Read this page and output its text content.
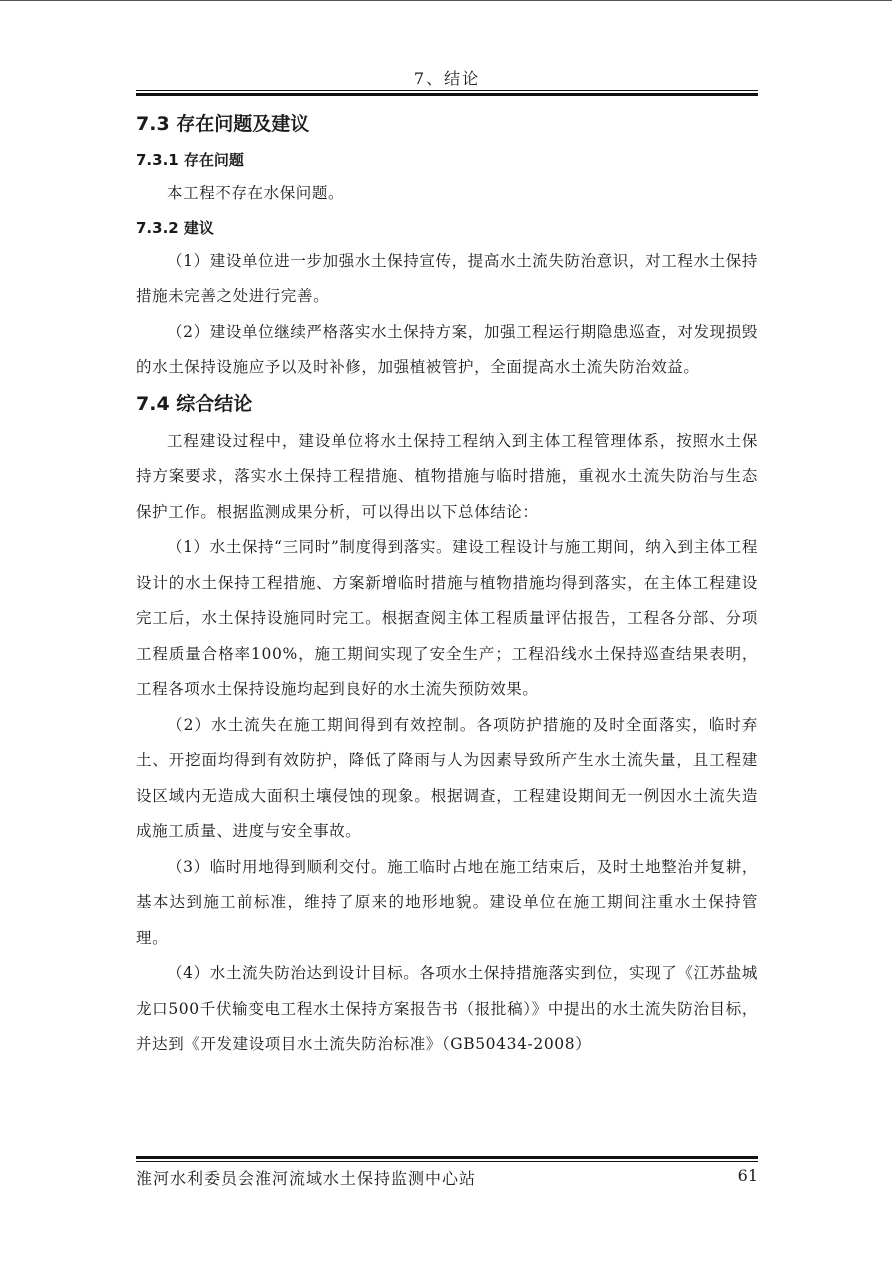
7、结论
7.3 存在问题及建议
7.3.1 存在问题

本工程不存在水保问题。

7.3.2 建议

（1）建设单位进一步加强水土保持宣传，提高水土流失防治意识，对工程水土保持措施未完善之处进行完善。

（2）建设单位继续严格落实水土保持方案，加强工程运行期隐患巡查，对发现损毁的水土保持设施应予以及时补修，加强植被管护，全面提高水土流失防治效益。

7.4 综合结论

工程建设过程中，建设单位将水土保持工程纳入到主体工程管理体系，按照水土保持方案要求，落实水土保持工程措施、植物措施与临时措施，重视水土流失防治与生态保护工作。根据监测成果分析，可以得出以下总体结论：

（1）水土保持“三同时”制度得到落实。建设工程设计与施工期间，纳入到主体工程设计的水土保持工程措施、方案新增临时措施与植物措施均得到落实，在主体工程建设完工后，水土保持设施同时完工。根据查阅主体工程质量评估报告，工程各分部、分项工程质量合格率100%，施工期间实现了安全生产；工程沿线水土保持巡查结果表明，工程各项水土保持设施均起到良好的水土流失预防效果。

（2）水土流失在施工期间得到有效控制。各项防护措施的及时全面落实，临时弃土、开挖面均得到有效防护，降低了降雨与人为因素导致所产生水土流失量，且工程建设区域内无造成大面积土壤侵蚀的现象。根据调查，工程建设期间无一例因水土流失造成施工质量、进度与安全事故。

（3）临时用地得到顺利交付。施工临时占地在施工结束后，及时土地整治并复耕，基本达到施工前标准，维持了原来的地形地貌。建设单位在施工期间注重水土保持管理。

（4）水土流失防治达到设计目标。各项水土保持措施落实到位，实现了《江苏盐城龙口500千伏输变电工程水土保持方案报告书（报批稿）》中提出的水土流失防治目标，并达到《开发建设项目水土流失防治标准》（GB50434-2008）

淮河水利委员会淮河流域水土保持监测中心站	61
